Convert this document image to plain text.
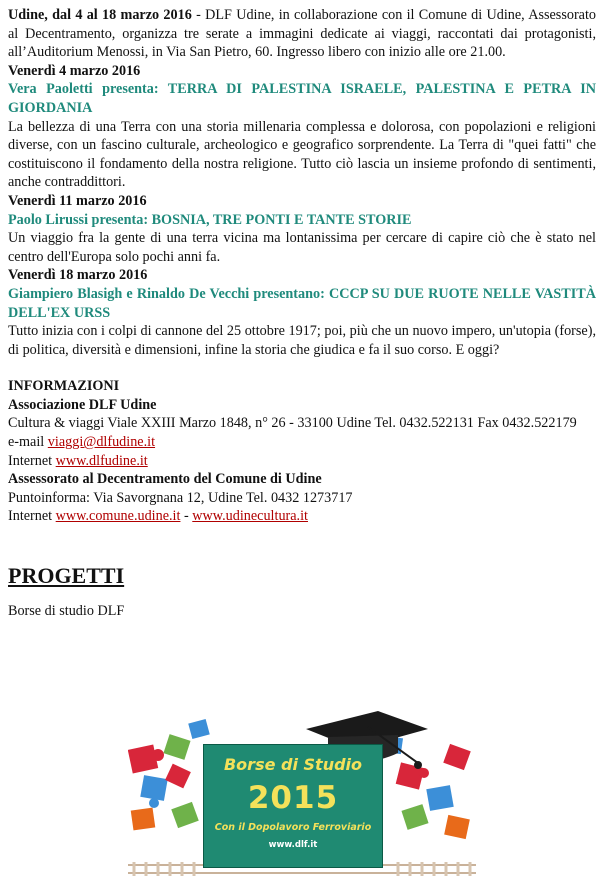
Udine, dal 4 al 18 marzo 2016 - DLF Udine, in collaborazione con il Comune di Udine, Assessorato al Decentramento, organizza tre serate a immagini dedicate ai viaggi, raccontati dai protagonisti, all’Auditorium Menossi, in Via San Pietro, 60. Ingresso libero con inizio alle ore 21.00.

Venerdì 4 marzo 2016

Vera Paoletti presenta: TERRA DI PALESTINA ISRAELE, PALESTINA E PETRA IN GIORDANIA

La bellezza di una Terra con una storia millenaria complessa e dolorosa, con popolazioni e religioni diverse, con un fascino culturale, archeologico e geografico sorprendente. La Terra di "quei fatti" che costituiscono il fondamento della nostra religione. Tutto ciò lascia un insieme profondo di sentimenti, anche contraddittori.

Venerdì 11 marzo 2016

Paolo Lirussi presenta: BOSNIA, TRE PONTI E TANTE STORIE

Un viaggio fra la gente di una terra vicina ma lontanissima per cercare di capire ciò che è stato nel centro dell'Europa solo pochi anni fa.

Venerdì 18 marzo 2016

Giampiero Blasigh e Rinaldo De Vecchi presentano: CCCP SU DUE RUOTE NELLE VASTITÀ DELL'EX URSS

Tutto inizia con i colpi di cannone del 25 ottobre 1917; poi, più che un nuovo impero, un'utopia (forse), di politica, diversità e dimensioni, infine la storia che giudica e fa il suo corso. E oggi?

INFORMAZIONI

Associazione DLF Udine

Cultura & viaggi Viale XXIII Marzo 1848, n° 26 - 33100 Udine Tel. 0432.522131 Fax 0432.522179

e-mail viaggi@dlfudine.it

Internet www.dlfudine.it

Assessorato al Decentramento del Comune di Udine

Puntoinforma: Via Savorgnana 12, Udine Tel. 0432 1273717

Internet www.comune.udine.it - www.udinecultura.it

PROGETTI

Borse di studio DLF

Borse di Studio
2015
Con il Dopolavoro Ferroviario
www.dlf.it
